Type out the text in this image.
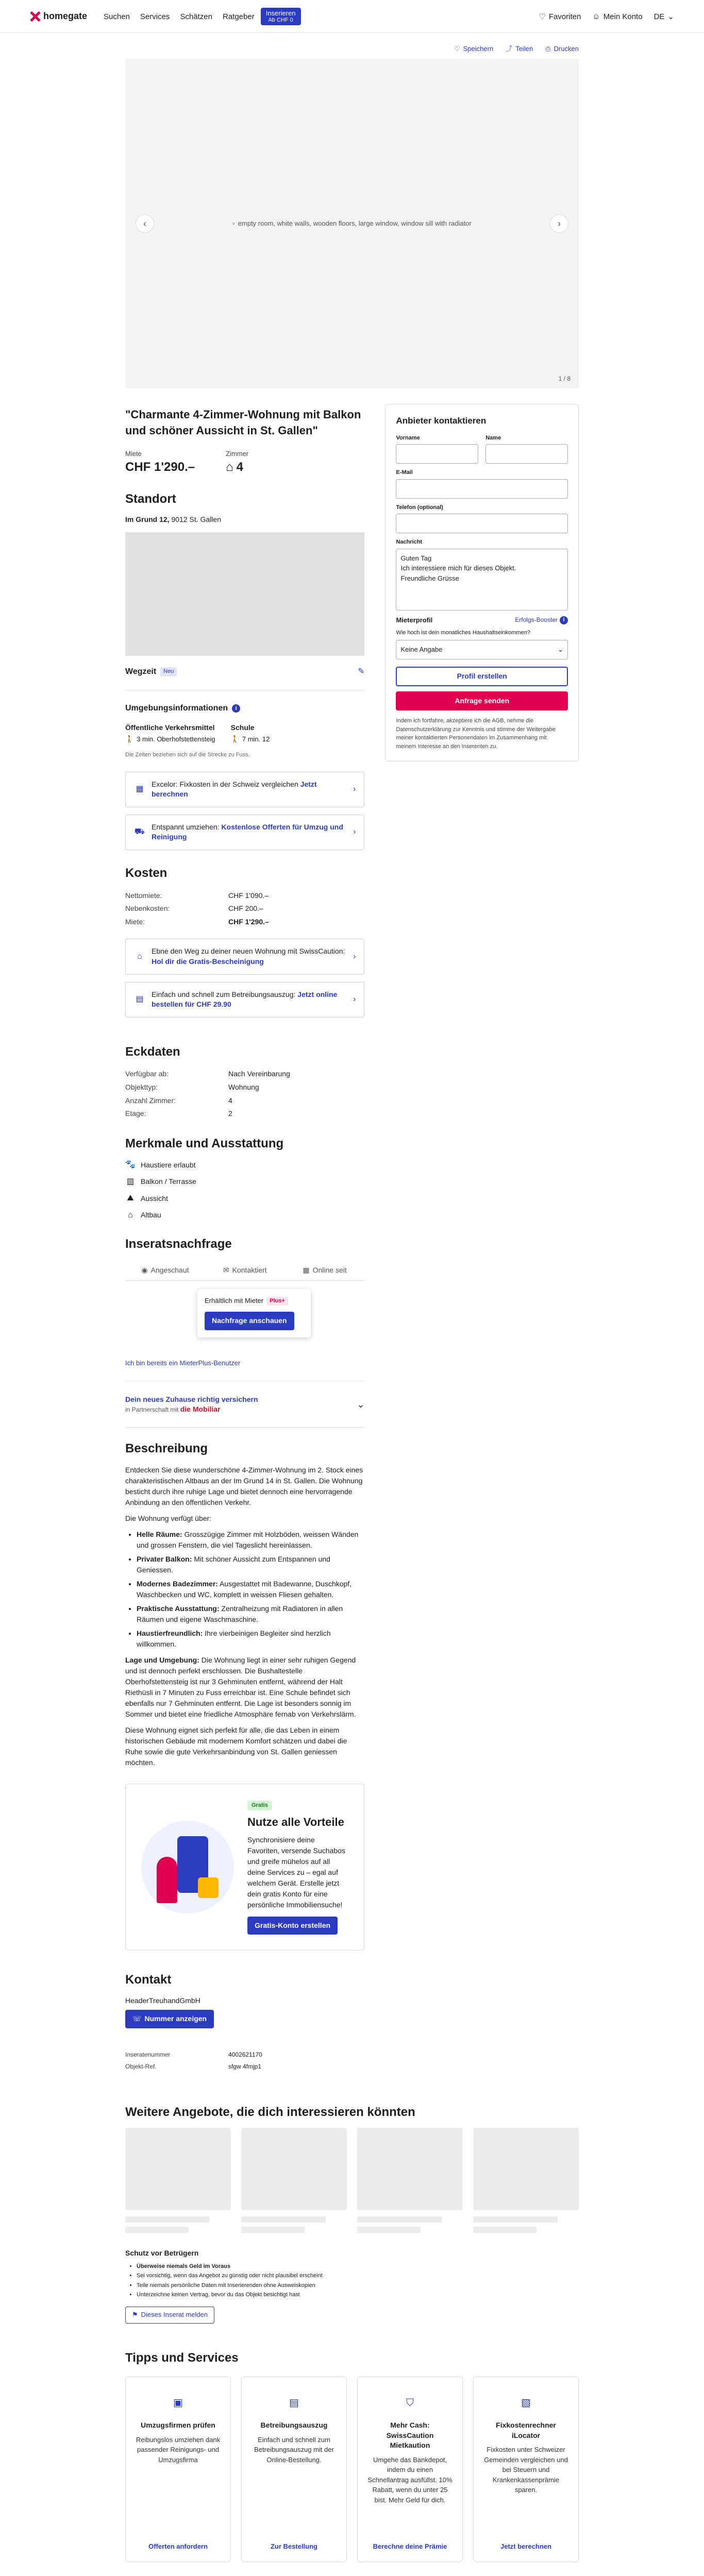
homegate	Suchen	Services	Schätzen	Ratgeber	Inserieren
Ab CHF 0	♡ Favoriten ☺ Mein Konto DE ⌄
♡ Speichern ⤴ Teilen ⎙ Drucken
▫ empty room, white walls, wooden floors, large window, window sill with radiator
‹	›
1 / 8
"Charmante 4-Zimmer-Wohnung mit Balkon und schöner Aussicht in St. Gallen"
Miete
CHF 1'290.–
Zimmer
⌂ 4
Standort
Im Grund 12, 9012 St. Gallen
Wegzeit	Neu	✎
Umgebungsinformationen	i
Öffentliche Verkehrsmittel
🚶 3 min. Oberhofstettensteig
Schule
🚶 7 min. 12
Die Zeiten beziehen sich auf die Strecke zu Fuss.
▦
Excelor: Fixkosten in der Schweiz vergleichen Jetzt berechnen
›
⛟
Entspannt umziehen: Kostenlose Offerten für Umzug und Reinigung
›
Kosten
Nettomiete:	CHF 1'090.–
Nebenkosten:	CHF 200.–
Miete:	CHF 1'290.–
⌂
Ebne den Weg zu deiner neuen Wohnung mit SwissCaution: Hol dir die Gratis-Bescheinigung
›
▤
Einfach und schnell zum Betreibungsauszug: Jetzt online bestellen für CHF 29.90
›
Eckdaten
Verfügbar ab:	Nach Vereinbarung
Objekttyp:	Wohnung
Anzahl Zimmer:	4
Etage:	2
Merkmale und Ausstattung
🐾 Haustiere erlaubt
▥ Balkon / Terrasse
⛰ Aussicht
⌂	Altbau
Inseratsnachfrage
◉ Angeschaut	✉ Kontaktiert	▦ Online seit
Erhältlich mit Mieter	Plus+
Nachfrage anschauen
Ich bin bereits ein MieterPlus-Benutzer
Dein neues Zuhause richtig versichern
in Partnerschaft mit die Mobiliar	⌄
Beschreibung

Entdecken Sie diese wunderschöne 4-Zimmer-Wohnung im 2. Stock eines charakteristischen Altbaus an der Im Grund 14 in St. Gallen. Die Wohnung besticht durch ihre ruhige Lage und bietet dennoch eine hervorragende Anbindung an den öffentlichen Verkehr.

Die Wohnung verfügt über:

• Helle Räume: Grosszügige Zimmer mit Holzböden, weissen Wänden und grossen Fenstern, die viel Tageslicht hereinlassen.
• Privater Balkon: Mit schöner Aussicht zum Entspannen und Geniessen.
• Modernes Badezimmer: Ausgestattet mit Badewanne, Duschkopf, Waschbecken und WC, komplett in weissen Fliesen gehalten.
• Praktische Ausstattung: Zentralheizung mit Radiatoren in allen Räumen und eigene Waschmaschine.
• Haustierfreundlich: Ihre vierbeinigen Begleiter sind herzlich willkommen.

Lage und Umgebung: Die Wohnung liegt in einer sehr ruhigen Gegend und ist dennoch perfekt erschlossen. Die Bushaltestelle Oberhofstettensteig ist nur 3 Gehminuten entfernt, während der Halt Riethüsli in 7 Minuten zu Fuss erreichbar ist. Eine Schule befindet sich ebenfalls nur 7 Gehminuten entfernt. Die Lage ist besonders sonnig im Sommer und bietet eine friedliche Atmosphäre fernab von Verkehrslärm.

Diese Wohnung eignet sich perfekt für alle, die das Leben in einem historischen Gebäude mit modernem Komfort schätzen und dabei die Ruhe sowie die gute Verkehrsanbindung von St. Gallen geniessen möchten.

Gratis
Nutze alle Vorteile

Synchronisiere deine Favoriten, versende Suchabos und greife mühelos auf all deine Services zu – egal auf welchem Gerät. Erstelle jetzt dein gratis Konto für eine persönliche Immobiliensuche!

Gratis-Konto erstellen
Kontakt
HeaderTreuhandGmbH
☏ Nummer anzeigen
Inseratenummer	4002621170
Objekt-Ref.	sfgw 4fmjp1
Anbieter kontaktieren
Vorname	Name
E-Mail
Telefon (optional)
Nachricht
Guten Tag
Ich interessiere mich für dieses Objekt.
Freundliche Grüsse
Mieterprofil	Erfolgs-Booster i
Wie hoch ist dein monatliches Haushaltseinkommen?
Keine Angabe	⌄
Profil erstellen
Anfrage senden
Indem ich fortfahre, akzeptiere ich die AGB, nehme die Datenschutzerklärung zur Kenntnis und stimme der Weitergabe meiner kontaktierten Personendaten im Zusammenhang mit meinem Interesse an den Inserenten zu.
Weitere Angebote, die dich interessieren könnten
Schutz vor Betrügern
• Überweise niemals Geld im Voraus
• Sei vorsichtig, wenn das Angebot zu günstig oder nicht plausibel erscheint
• Teile niemals persönliche Daten mit Inserierenden ohne Ausweiskopien
• Unterzeichne keinen Vertrag, bevor du das Objekt besichtigt hast
⚑ Dieses Inserat melden
Tipps und Services
▣
Umzugsfirmen prüfen

Reibungslos umziehen dank passender Reinigungs- und Umzugsfirma

Offerten anfordern
▤
Betreibungsauszug

Einfach und schnell zum Betreibungsauszug mit der Online-Bestellung.

Zur Bestellung
⛉
Mehr Cash: SwissCaution Mietkaution

Umgehe das Bankdepot, indem du einen Schnellantrag ausfüllst. 10% Rabatt, wenn du unter 25 bist. Mehr Geld für dich.

Berechne deine Prämie
▧
Fixkostenrechner iLocator

Fixkosten unter Schweizer Gemeinden vergleichen und bei Steuern und Krankenkassenprämie sparen.

Jetzt berechnen
